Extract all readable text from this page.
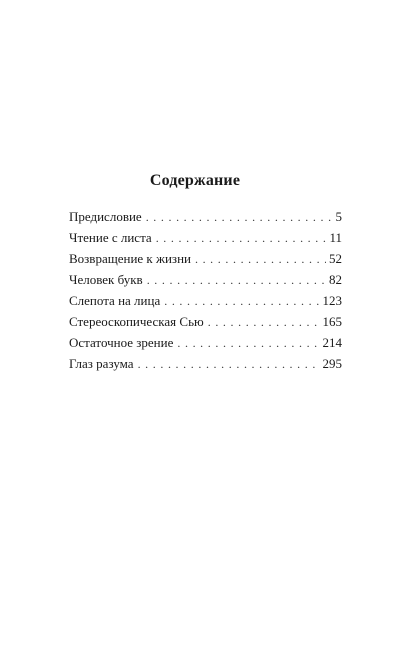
Содержание
Предисловие . . .	5
Чтение с листа . . .	11
Возвращение к жизни . . .	52
Человек букв . . .	82
Слепота на лица . . .	123
Стереоскопическая Сью . . .	165
Остаточное зрение . . .	214
Глаз разума . . .	295
